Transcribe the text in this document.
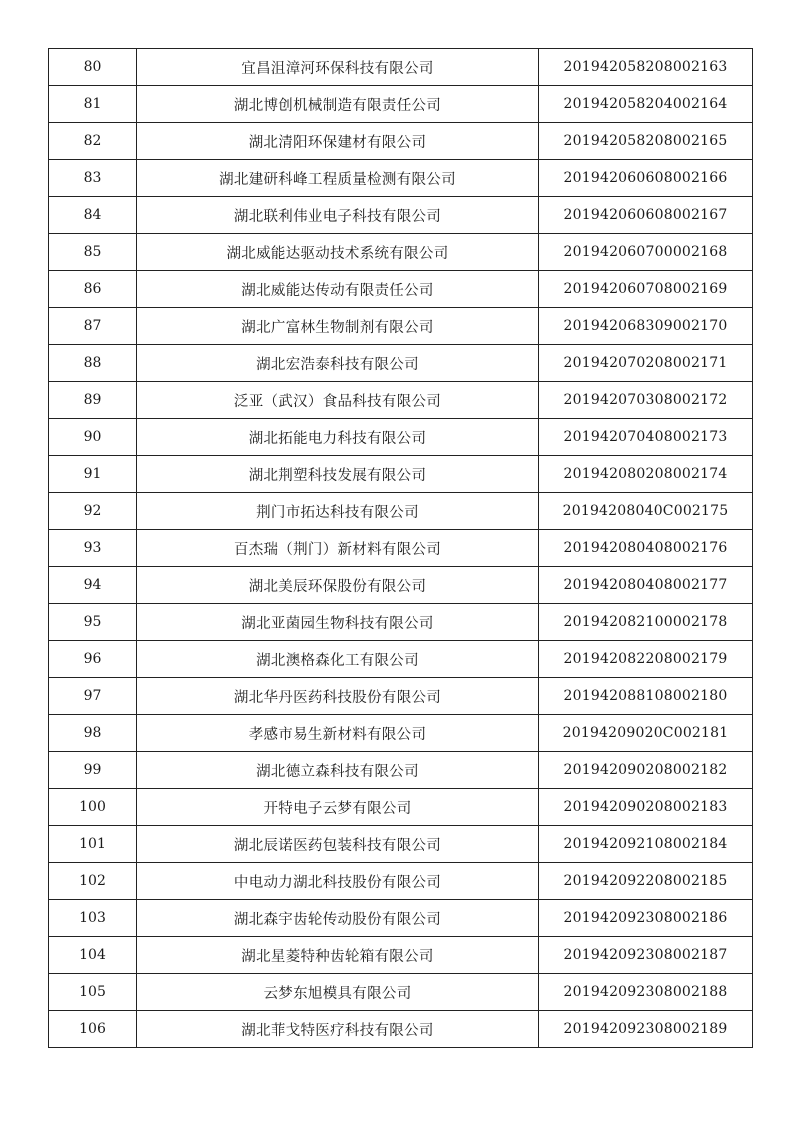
80	宜昌沮漳河环保科技有限公司	201942058208002163
81	湖北博创机械制造有限责任公司	201942058204002164
82	湖北清阳环保建材有限公司	201942058208002165
83	湖北建研科峰工程质量检测有限公司	201942060608002166
84	湖北联利伟业电子科技有限公司	201942060608002167
85	湖北威能达驱动技术系统有限公司	201942060700002168
86	湖北威能达传动有限责任公司	201942060708002169
87	湖北广富林生物制剂有限公司	201942068309002170
88	湖北宏浩泰科技有限公司	201942070208002171
89	泛亚（武汉）食品科技有限公司	201942070308002172
90	湖北拓能电力科技有限公司	201942070408002173
91	湖北荆塑科技发展有限公司	201942080208002174
92	荆门市拓达科技有限公司	20194208040C002175
93	百杰瑞（荆门）新材料有限公司	201942080408002176
94	湖北美辰环保股份有限公司	201942080408002177
95	湖北亚菌园生物科技有限公司	201942082100002178
96	湖北澳格森化工有限公司	201942082208002179
97	湖北华丹医药科技股份有限公司	201942088108002180
98	孝感市易生新材料有限公司	20194209020C002181
99	湖北德立森科技有限公司	201942090208002182
100	开特电子云梦有限公司	201942090208002183
101	湖北辰诺医药包装科技有限公司	201942092108002184
102	中电动力湖北科技股份有限公司	201942092208002185
103	湖北森宇齿轮传动股份有限公司	201942092308002186
104	湖北星菱特种齿轮箱有限公司	201942092308002187
105	云梦东旭模具有限公司	201942092308002188
106	湖北菲戈特医疗科技有限公司	201942092308002189
